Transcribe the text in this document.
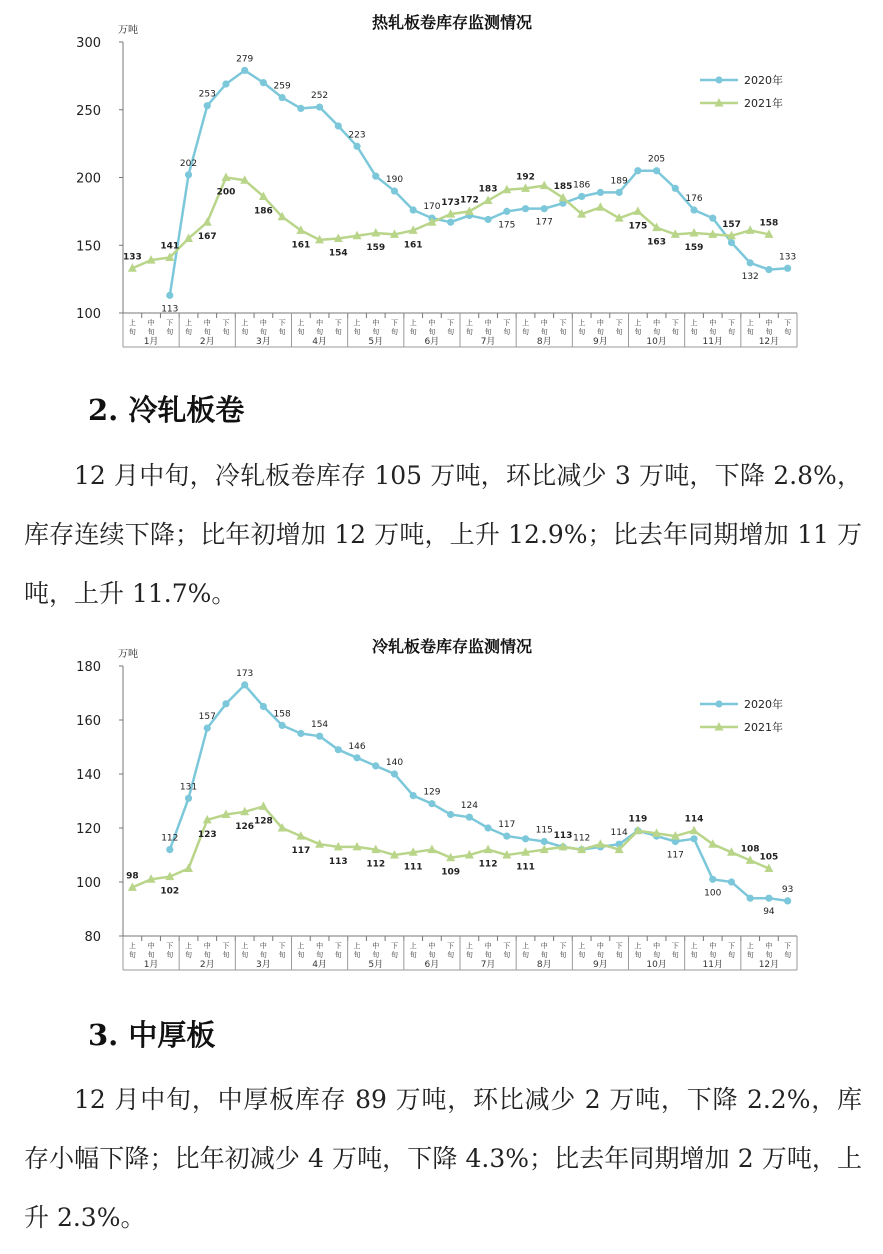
热轧板卷库存监测情况
万吨
100
150
200
250
300
上
旬
中
旬
下
旬
上
旬
中
旬
下
旬
上
旬
中
旬
下
旬
上
旬
中
旬
下
旬
上
旬
中
旬
下
旬
上
旬
中
旬
下
旬
上
旬
中
旬
下
旬
上
旬
中
旬
下
旬
上
旬
中
旬
下
旬
上
旬
中
旬
下
旬
上
旬
中
旬
下
旬
上
旬
中
旬
下
旬
1月	2月	3月	4月	5月	6月	7月	8月	9月	10月	11月	12月
113
202
253
279
259
252
223
190
170
175 177
186 189
205
176
132
133
133
141
167
200
186
161
154
159 161
173 172
183
192
185
175
163
159
157 158
2020年
2021年
2. 冷轧板卷
12 月中旬，冷轧板卷库存 105 万吨，环比减少 3 万吨，下降 2.8%，库存连续下降；比年初增加 12 万吨，上升 12.9%；比去年同期增加 11 万吨，上升 11.7%。
冷轧板卷库存监测情况
万吨
80
100
120
140
160
180
上
旬
中
旬
下
旬
上
旬
中
旬
下
旬
上
旬
中
旬
下
旬
上
旬
中
旬
下
旬
上
旬
中
旬
下
旬
上
旬
中
旬
下
旬
上
旬
中
旬
下
旬
上
旬
中
旬
下
旬
上
旬
中
旬
下
旬
上
旬
中
旬
下
旬
上
旬
中
旬
下
旬
上
旬
中
旬
下
旬
1月	2月	3月	4月	5月	6月	7月	8月	9月	10月	11月	12月
112
131
157
173
158
154
146
140
129
124
117
115
112
114
117
100
94
93
98
102
123
126
128
117
113 112 111
109
112 111
113
119	114
108
105
2020年
2021年
3. 中厚板
12 月中旬，中厚板库存 89 万吨，环比减少 2 万吨，下降 2.2%，库存小幅下降；比年初减少 4 万吨，下降 4.3%；比去年同期增加 2 万吨，上升 2.3%。
